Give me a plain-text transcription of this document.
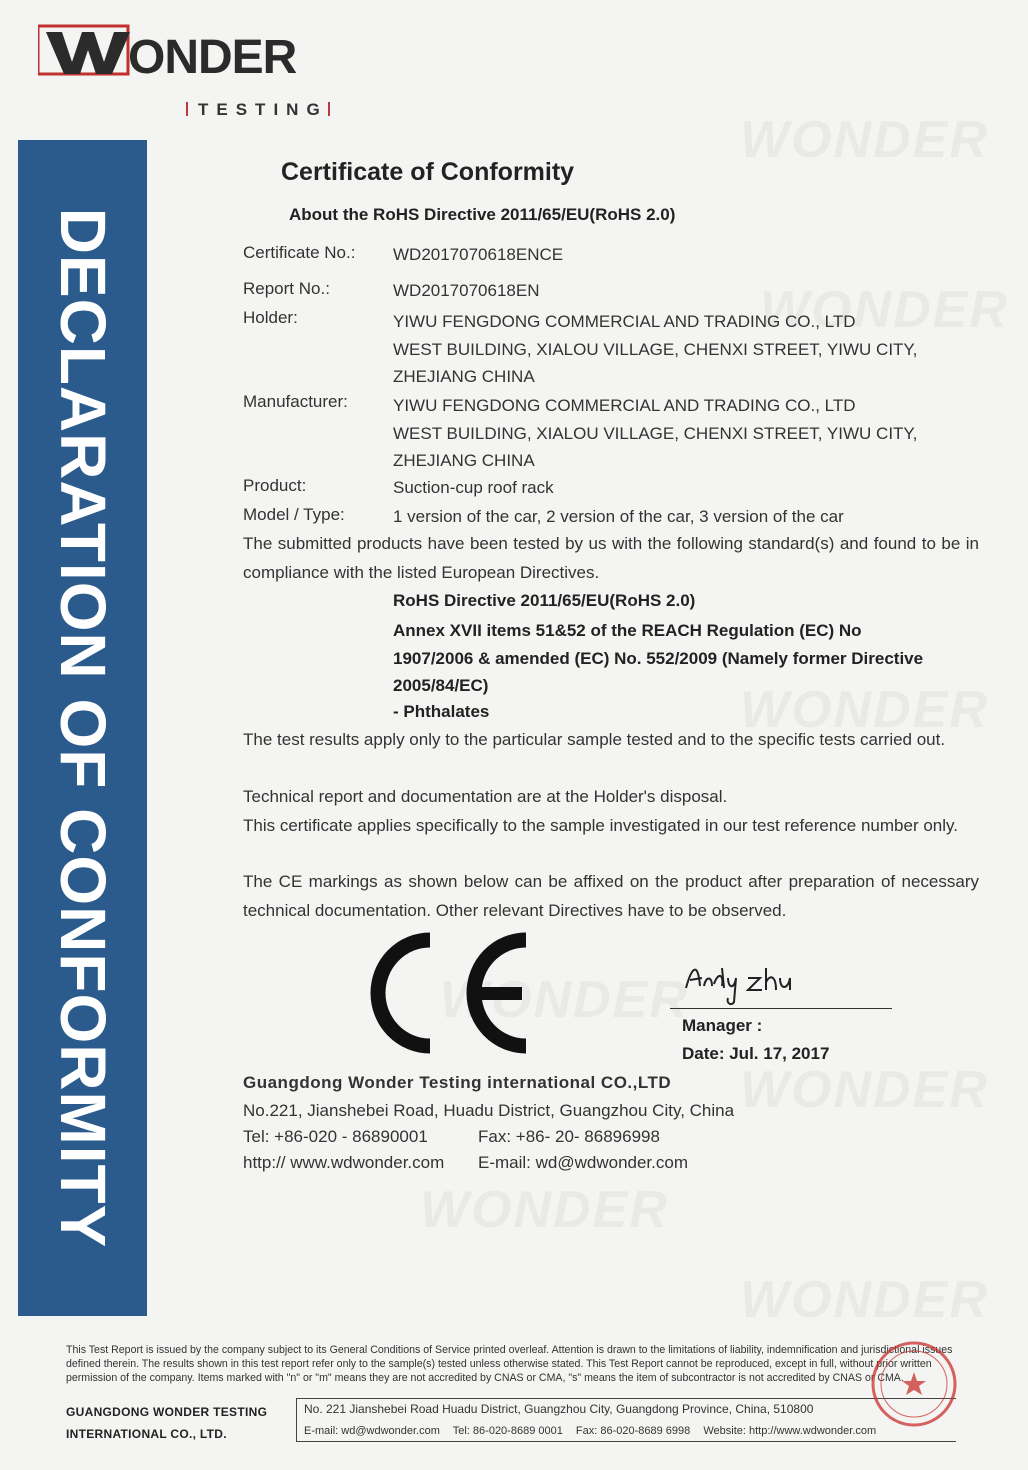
ONDER
TESTING
DECLARATION OF CONFORMITY
Certificate of Conformity
About the RoHS Directive 2011/65/EU(RoHS 2.0)
Certificate No.: WD2017070618ENCE
Report No.:	WD2017070618EN
Holder:	YIWU FENGDONG COMMERCIAL AND TRADING CO., LTD
WEST BUILDING, XIALOU VILLAGE, CHENXI STREET, YIWU CITY,
ZHEJIANG CHINA
Manufacturer:	YIWU FENGDONG COMMERCIAL AND TRADING CO., LTD
WEST BUILDING, XIALOU VILLAGE, CHENXI STREET, YIWU CITY,
ZHEJIANG CHINA
Product:	Suction-cup roof rack
Model / Type:	1 version of the car, 2 version of the car, 3 version of the car
The submitted products have been tested by us with the following standard(s) and found to be in compliance with the listed European Directives.
RoHS Directive 2011/65/EU(RoHS 2.0)
Annex XVII items 51&52 of the REACH Regulation (EC) No
1907/2006 & amended (EC) No. 552/2009 (Namely former Directive
2005/84/EC)
- Phthalates
The test results apply only to the particular sample tested and to the specific tests carried out.
Technical report and documentation are at the Holder's disposal.
This certificate applies specifically to the sample investigated in our test reference number only.
The CE markings as shown below can be affixed on the product after preparation of necessary technical documentation. Other relevant Directives have to be observed.
Manager :
Date: Jul. 17, 2017
Guangdong Wonder Testing international CO.,LTD
No.221, Jianshebei Road, Huadu District, Guangzhou City, China
Tel: +86-020 - 86890001	Fax: +86- 20- 86896998
http:// www.wdwonder.com E-mail: wd@wdwonder.com
This Test Report is issued by the company subject to its General Conditions of Service printed overleaf. Attention is drawn to the limitations of liability, indemnification and jurisdictional issues defined therein. The results shown in this test report refer only to the sample(s) tested unless otherwise stated. This Test Report cannot be reproduced, except in full, without prior written permission of the company. Items marked with "n" or "m" means they are not accredited by CNAS or CMA, "s" means the item of subcontractor is not accredited by CNAS or CMA.
GUANGDONG WONDER TESTING
INTERNATIONAL CO., LTD.
No. 221 Jianshebei Road Huadu District, Guangzhou City, Guangdong Province, China, 510800
E-mail: wd@wdwonder.com Tel: 86-020-8689 0001 Fax: 86-020-8689 6998 Website: http://www.wdwonder.com
